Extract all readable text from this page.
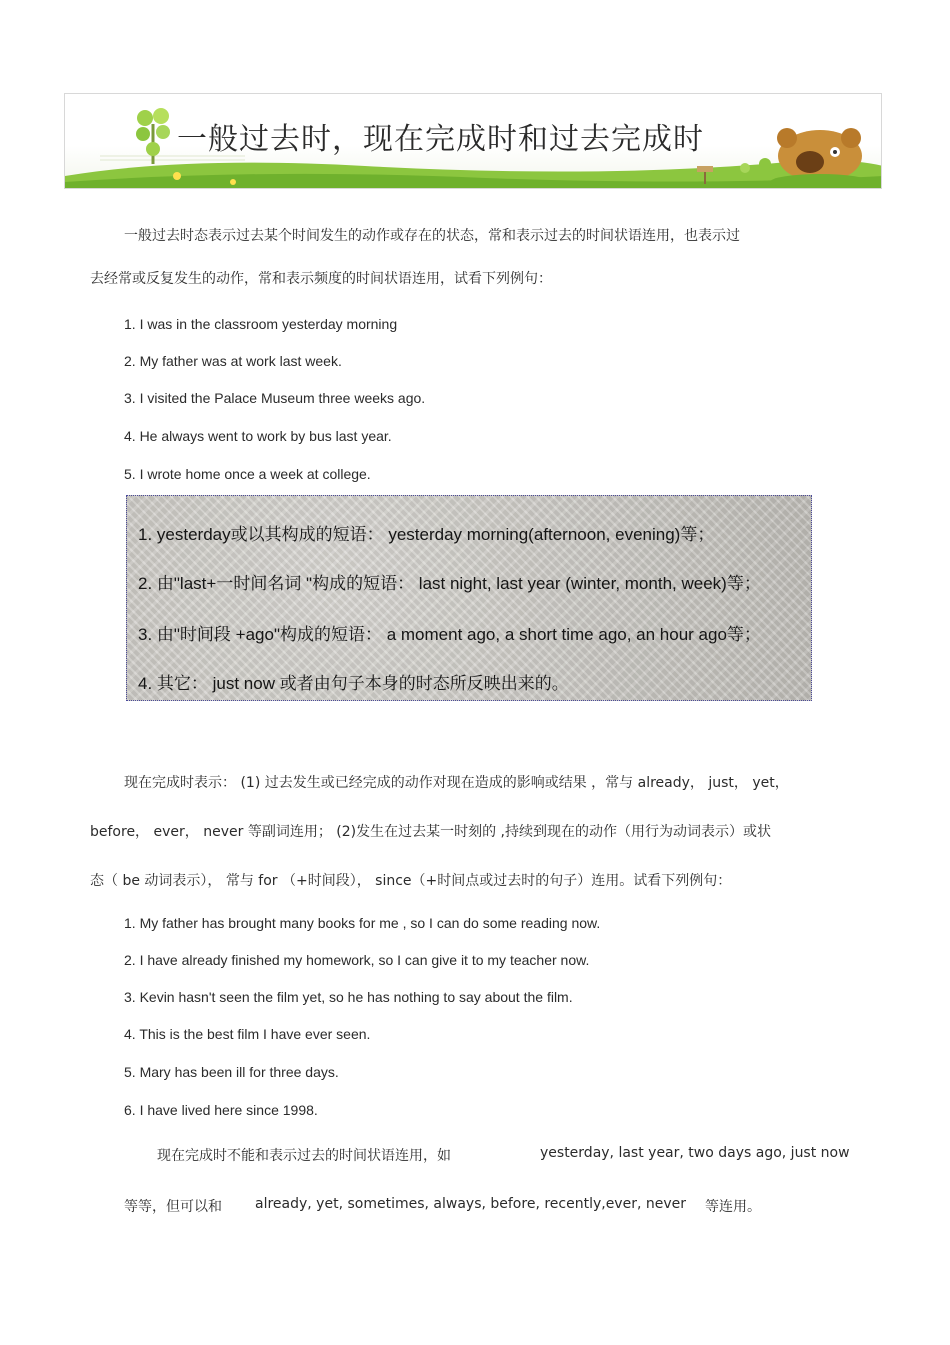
一般过去时，现在完成时和过去完成时
一般过去时态表示过去某个时间发生的动作或存在的状态，常和表示过去的时间状语连用，也表示过
去经常或反复发生的动作，常和表示频度的时间状语连用，试看下列例句：
1. I was in the classroom yesterday morning
2. My father was at work last week.
3. I visited the Palace Museum three weeks ago.
4. He always went to work by bus last year.
5. I wrote home once a week at college.
1. yesterday或以其构成的短语： yesterday morning(afternoon, evening)等；
2. 由"last+一时间名词 "构成的短语： last night, last year (winter, month, week)等；
3. 由"时间段 +ago"构成的短语： a moment ago, a short time ago, an hour ago等；
4. 其它： just now 或者由句子本身的时态所反映出来的。
现在完成时表示： (1) 过去发生或已经完成的动作对现在造成的影响或结果 ，常与 already， just， yet，
before， ever， never 等副词连用； (2)发生在过去某一时刻的 ,持续到现在的动作（用行为动词表示）或状
态（ be 动词表示）， 常与 for （+时间段）， since（+时间点或过去时的句子）连用。试看下列例句：
1. My father has brought many books for me , so I can do some reading now.
2. I have already finished my homework, so I can give it to my teacher now.
3. Kevin hasn't seen the film yet, so he has nothing to say about the film.
4. This is the best film I have ever seen.
5. Mary has been ill for three days.
6. I have lived here since 1998.
现在完成时不能和表示过去的时间状语连用，如	yesterday, last year, two days ago, just now
等等，但可以和 already, yet, sometimes, always, before, recently,ever, never 等连用。
